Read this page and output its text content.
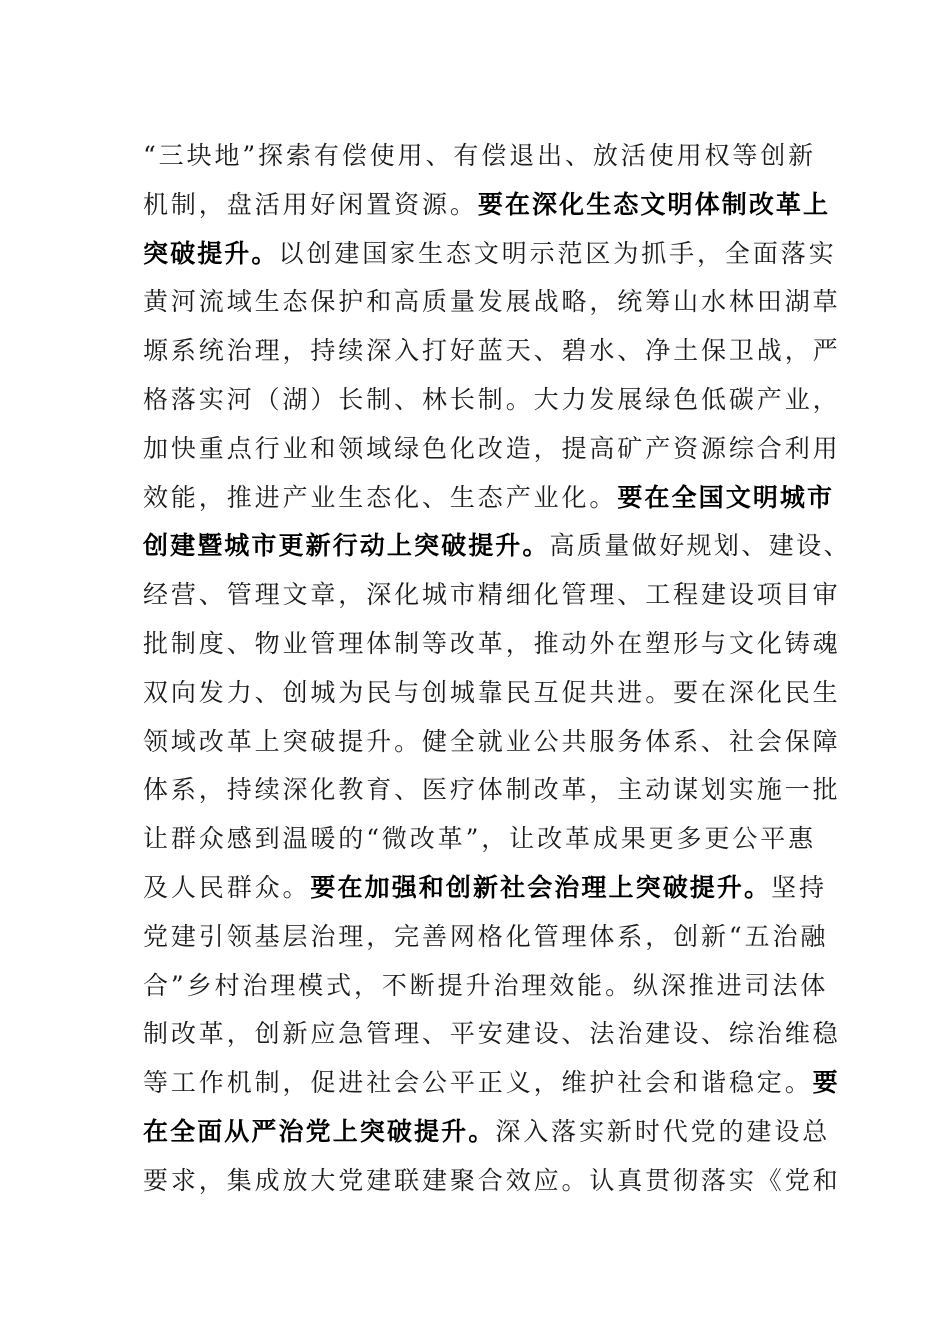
“三块地”探索有偿使用、有偿退出、放活使用权等创新
机制，盘活用好闲置资源。要在深化生态文明体制改革上
突破提升。以创建国家生态文明示范区为抓手，全面落实
黄河流域生态保护和高质量发展战略，统筹山水林田湖草
塬系统治理，持续深入打好蓝天、碧水、净土保卫战，严
格落实河（湖）长制、林长制。大力发展绿色低碳产业，
加快重点行业和领域绿色化改造，提高矿产资源综合利用
效能，推进产业生态化、生态产业化。要在全国文明城市
创建暨城市更新行动上突破提升。高质量做好规划、建设、
经营、管理文章，深化城市精细化管理、工程建设项目审
批制度、物业管理体制等改革，推动外在塑形与文化铸魂
双向发力、创城为民与创城靠民互促共进。要在深化民生
领域改革上突破提升。健全就业公共服务体系、社会保障
体系，持续深化教育、医疗体制改革，主动谋划实施一批
让群众感到温暖的“微改革”，让改革成果更多更公平惠
及人民群众。要在加强和创新社会治理上突破提升。坚持
党建引领基层治理，完善网格化管理体系，创新“五治融
合”乡村治理模式，不断提升治理效能。纵深推进司法体
制改革，创新应急管理、平安建设、法治建设、综治维稳
等工作机制，促进社会公平正义，维护社会和谐稳定。要
在全面从严治党上突破提升。深入落实新时代党的建设总
要求，集成放大党建联建聚合效应。认真贯彻落实《党和
